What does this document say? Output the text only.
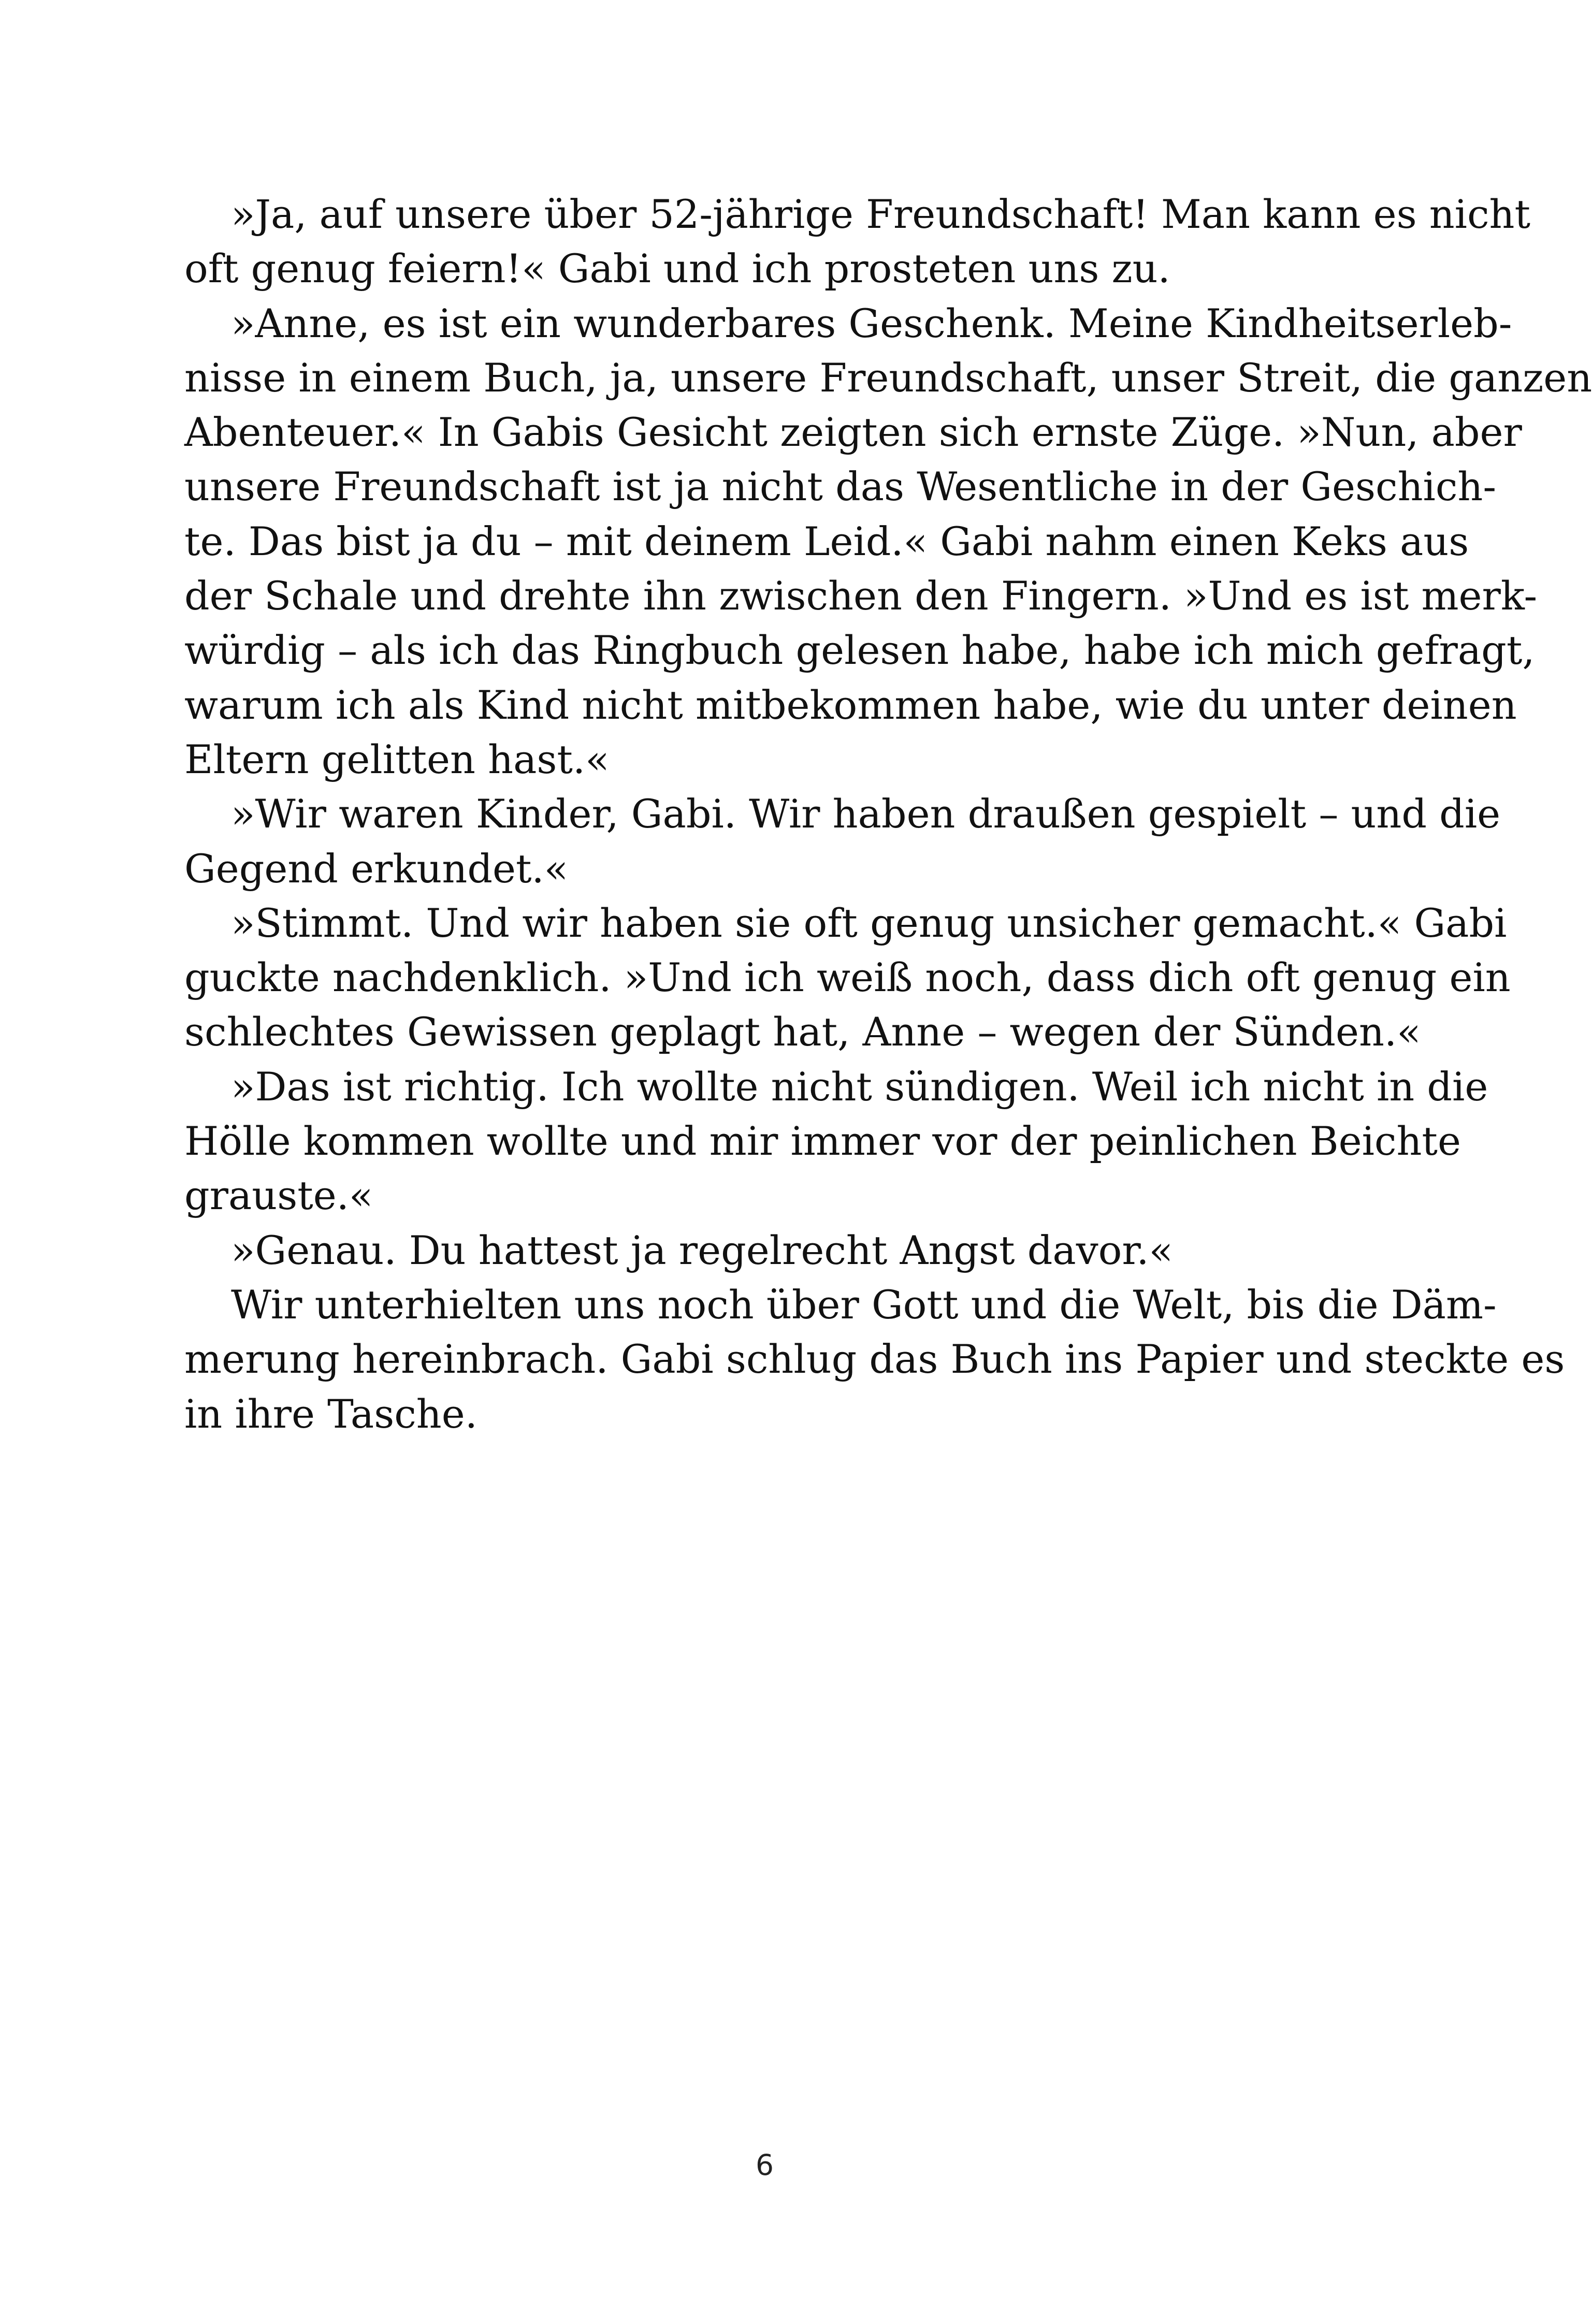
»Ja, auf unsere über 52-jährige Freundschaft! Man kann es nicht
oft genug feiern!« Gabi und ich prosteten uns zu.
»Anne, es ist ein wunderbares Geschenk. Meine Kindheitserleb-
nisse in einem Buch, ja, unsere Freundschaft, unser Streit, die ganzen
Abenteuer.« In Gabis Gesicht zeigten sich ernste Züge. »Nun, aber
unsere Freundschaft ist ja nicht das Wesentliche in der Geschich-
te. Das bist ja du – mit deinem Leid.« Gabi nahm einen Keks aus
der Schale und drehte ihn zwischen den Fingern. »Und es ist merk-
würdig – als ich das Ringbuch gelesen habe, habe ich mich gefragt,
warum ich als Kind nicht mitbekommen habe, wie du unter deinen
Eltern gelitten hast.«
»Wir waren Kinder, Gabi. Wir haben draußen gespielt – und die
Gegend erkundet.«
»Stimmt. Und wir haben sie oft genug unsicher gemacht.« Gabi
guckte nachdenklich. »Und ich weiß noch, dass dich oft genug ein
schlechtes Gewissen geplagt hat, Anne – wegen der Sünden.«
»Das ist richtig. Ich wollte nicht sündigen. Weil ich nicht in die
Hölle kommen wollte und mir immer vor der peinlichen Beichte
grauste.«
»Genau. Du hattest ja regelrecht Angst davor.«
Wir unterhielten uns noch über Gott und die Welt, bis die Däm-
merung hereinbrach. Gabi schlug das Buch ins Papier und steckte es
in ihre Tasche.
6
